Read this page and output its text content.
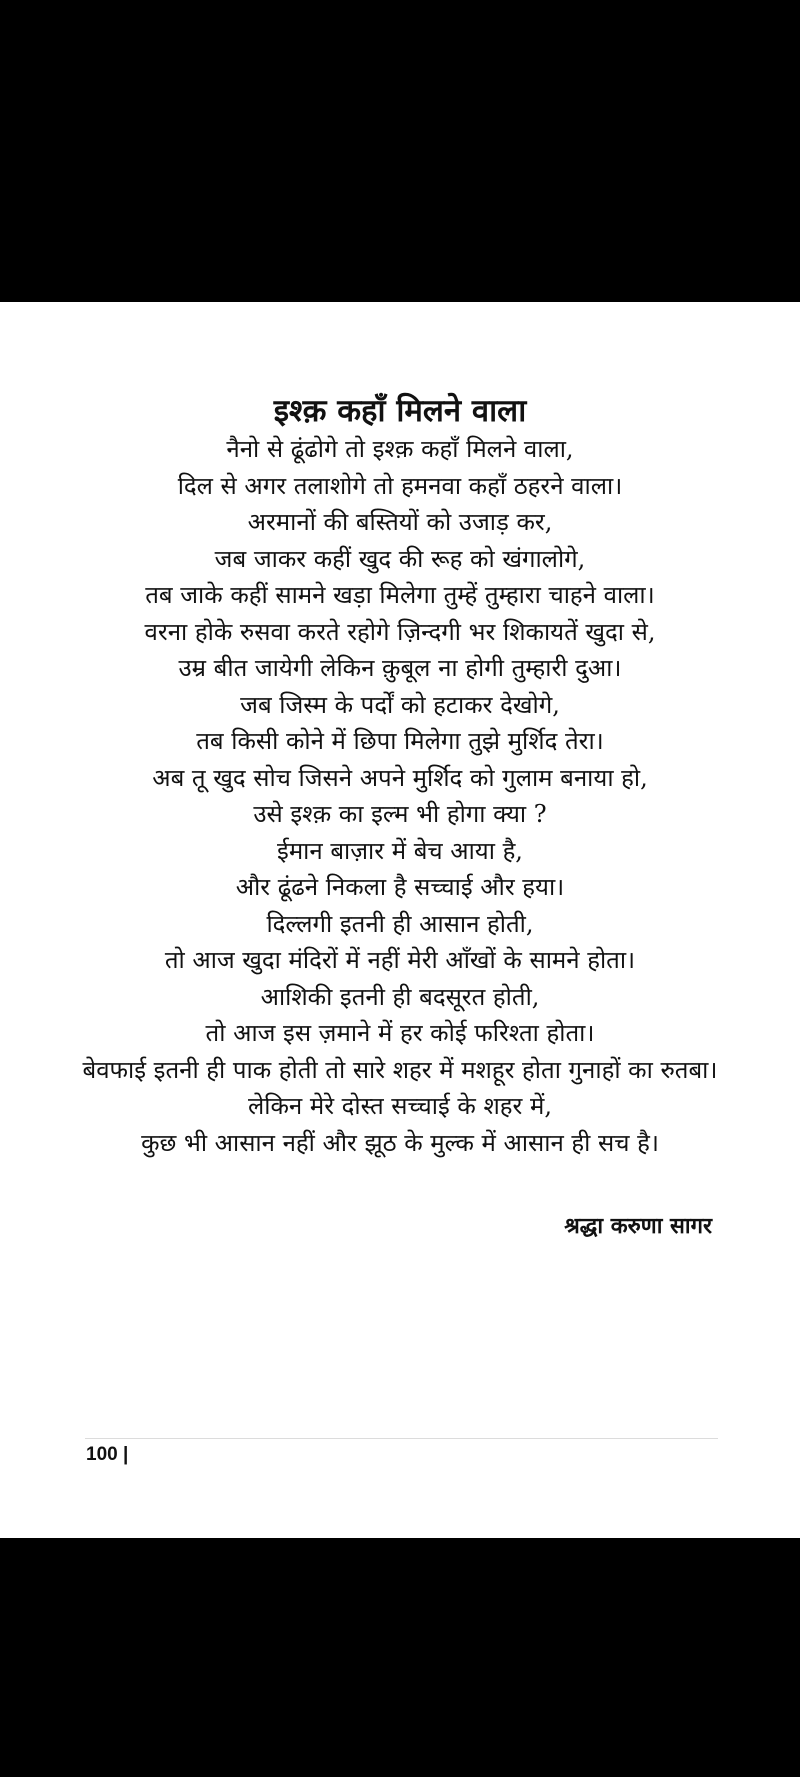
इश्क़ कहाँ मिलने वाला
नैनो से ढूंढोगे तो इश्क़ कहाँ मिलने वाला,
दिल से अगर तलाशोगे तो हमनवा कहाँ ठहरने वाला।
अरमानों की बस्तियों को उजाड़ कर,
जब जाकर कहीं खुद की रूह को खंगालोगे,
तब जाके कहीं सामने खड़ा मिलेगा तुम्हें तुम्हारा चाहने वाला।
वरना होके रुसवा करते रहोगे ज़िन्दगी भर शिकायतें खुदा से,
उम्र बीत जायेगी लेकिन क़ुबूल ना होगी तुम्हारी दुआ।
जब जिस्म के पर्दों को हटाकर देखोगे,
तब किसी कोने में छिपा मिलेगा तुझे मुर्शिद तेरा।
अब तू खुद सोच जिसने अपने मुर्शिद को गुलाम बनाया हो,
उसे इश्क़ का इल्म भी होगा क्या ?
ईमान बाज़ार में बेच आया है,
और ढूंढने निकला है सच्चाई और हया।
दिल्लगी इतनी ही आसान होती,
तो आज खुदा मंदिरों में नहीं मेरी आँखों के सामने होता।
आशिकी इतनी ही बदसूरत होती,
तो आज इस ज़माने में हर कोई फरिश्ता होता।
बेवफाई इतनी ही पाक होती तो सारे शहर में मशहूर होता गुनाहों का रुतबा।
लेकिन मेरे दोस्त सच्चाई के शहर में,
कुछ भी आसान नहीं और झूठ के मुल्क में आसान ही सच है।
श्रद्धा करुणा सागर
100 |
